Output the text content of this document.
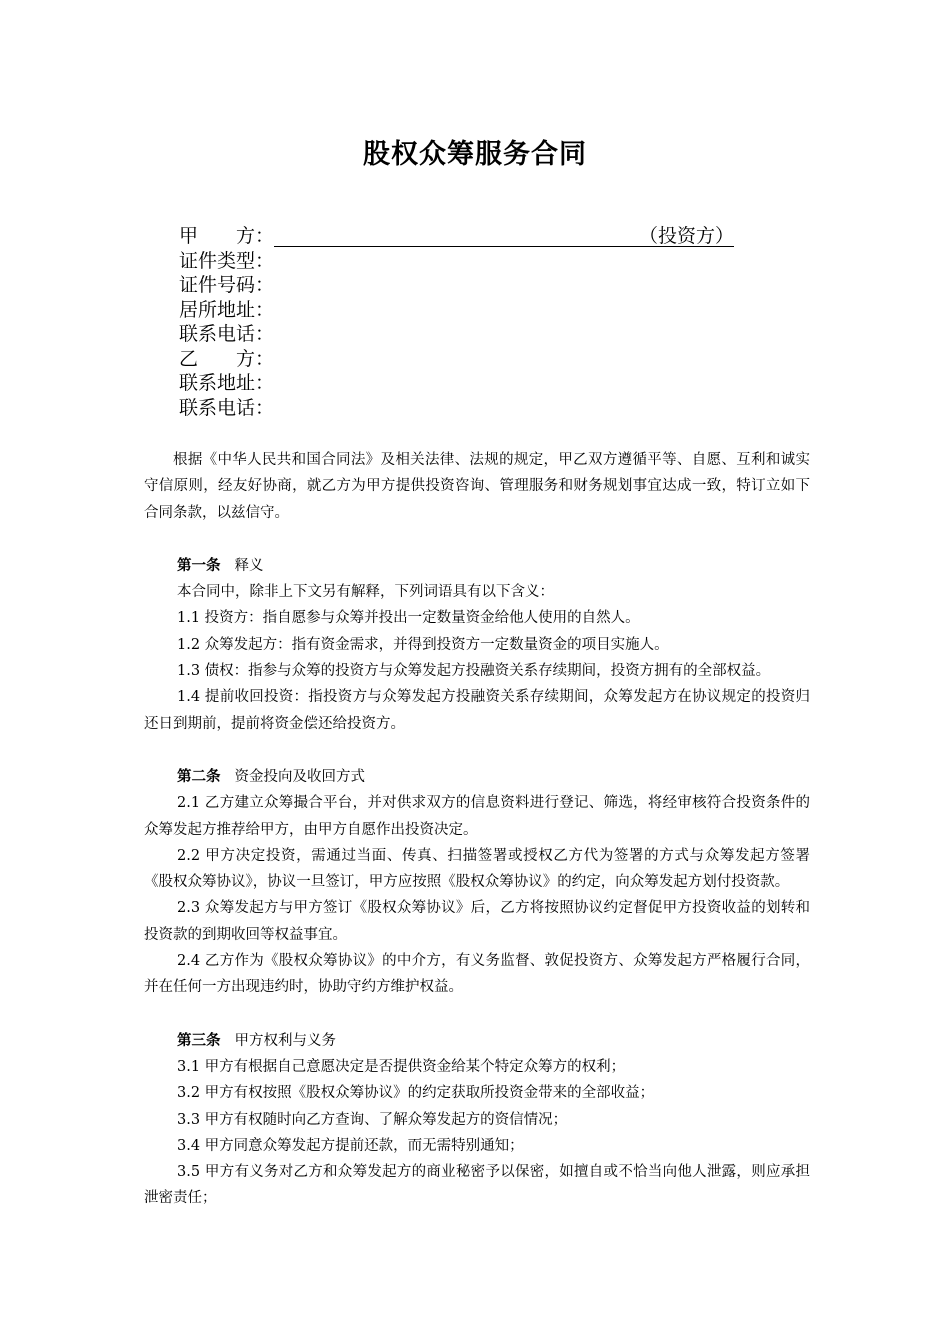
股权众筹服务合同
甲　　方：	（投资方）
证件类型：
证件号码：
居所地址：
联系电话：
乙　　方：
联系地址：
联系电话：

根据《中华人民共和国合同法》及相关法律、法规的规定，甲乙双方遵循平等、自愿、互利和诚实守信原则，经友好协商，就乙方为甲方提供投资咨询、管理服务和财务规划事宜达成一致，特订立如下合同条款，以兹信守。

第一条 释义

本合同中，除非上下文另有解释，下列词语具有以下含义：

1.1 投资方：指自愿参与众筹并投出一定数量资金给他人使用的自然人。

1.2 众筹发起方：指有资金需求，并得到投资方一定数量资金的项目实施人。

1.3 债权：指参与众筹的投资方与众筹发起方投融资关系存续期间，投资方拥有的全部权益。

1.4 提前收回投资：指投资方与众筹发起方投融资关系存续期间，众筹发起方在协议规定的投资归还日到期前，提前将资金偿还给投资方。

第二条 资金投向及收回方式

2.1 乙方建立众筹撮合平台，并对供求双方的信息资料进行登记、筛选，将经审核符合投资条件的众筹发起方推荐给甲方，由甲方自愿作出投资决定。

2.2 甲方决定投资，需通过当面、传真、扫描签署或授权乙方代为签署的方式与众筹发起方签署《股权众筹协议》，协议一旦签订，甲方应按照《股权众筹协议》的约定，向众筹发起方划付投资款。

2.3 众筹发起方与甲方签订《股权众筹协议》后，乙方将按照协议约定督促甲方投资收益的划转和投资款的到期收回等权益事宜。

2.4 乙方作为《股权众筹协议》的中介方，有义务监督、敦促投资方、众筹发起方严格履行合同，并在任何一方出现违约时，协助守约方维护权益。

第三条 甲方权利与义务

3.1 甲方有根据自己意愿决定是否提供资金给某个特定众筹方的权利；

3.2 甲方有权按照《股权众筹协议》的约定获取所投资金带来的全部收益；

3.3 甲方有权随时向乙方查询、了解众筹发起方的资信情况；

3.4 甲方同意众筹发起方提前还款，而无需特别通知；

3.5 甲方有义务对乙方和众筹发起方的商业秘密予以保密，如擅自或不恰当向他人泄露，则应承担泄密责任；
